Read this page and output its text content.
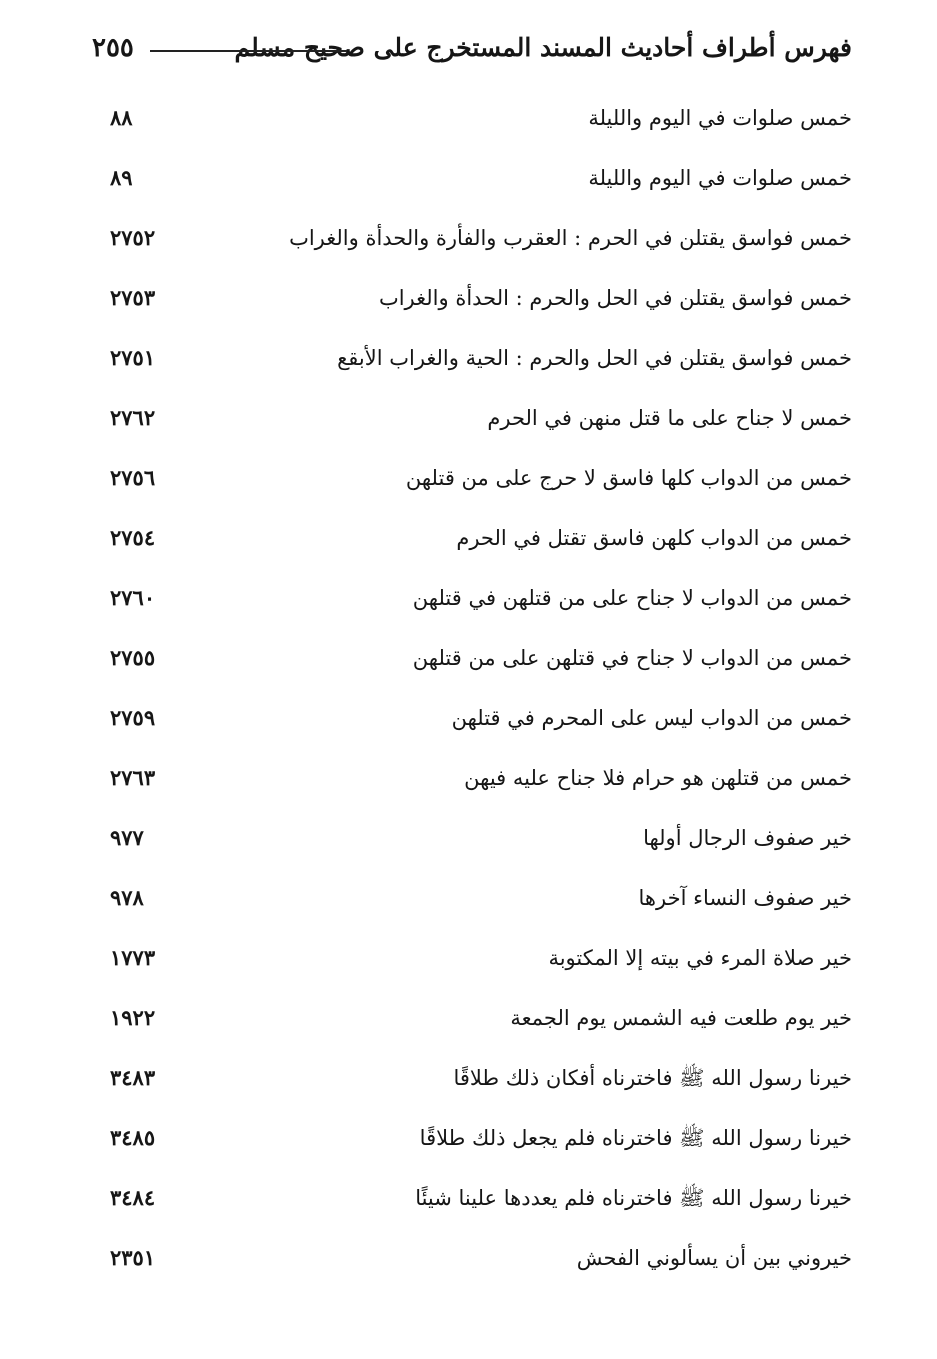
فهرس أطراف أحاديث المسند المستخرج على صحيح مسلم
٢٥٥
خمس صلوات في اليوم والليلة
٨٨
خمس صلوات في اليوم والليلة
٨٩
خمس فواسق يقتلن في الحرم : العقرب والفأرة والحدأة والغراب
٢٧٥٢
خمس فواسق يقتلن في الحل والحرم : الحدأة والغراب
٢٧٥٣
خمس فواسق يقتلن في الحل والحرم : الحية والغراب الأبقع
٢٧٥١
خمس لا جناح على ما قتل منهن في الحرم
٢٧٦٢
خمس من الدواب كلها فاسق لا حرج على من قتلهن
٢٧٥٦
خمس من الدواب كلهن فاسق تقتل في الحرم
٢٧٥٤
خمس من الدواب لا جناح على من قتلهن في قتلهن
٢٧٦٠
خمس من الدواب لا جناح في قتلهن على من قتلهن
٢٧٥٥
خمس من الدواب ليس على المحرم في قتلهن
٢٧٥٩
خمس من قتلهن هو حرام فلا جناح عليه فيهن
٢٧٦٣
خير صفوف الرجال أولها
٩٧٧
خير صفوف النساء آخرها
٩٧٨
خير صلاة المرء في بيته إلا المكتوبة
١٧٧٣
خير يوم طلعت فيه الشمس يوم الجمعة
١٩٢٢
خيرنا رسول الله ﷺ فاخترناه أفكان ذلك طلاقًا
٣٤٨٣
خيرنا رسول الله ﷺ فاخترناه فلم يجعل ذلك طلاقًا
٣٤٨٥
خيرنا رسول الله ﷺ فاخترناه فلم يعددها علينا شيئًا
٣٤٨٤
خيروني بين أن يسألوني الفحش
٢٣٥١
